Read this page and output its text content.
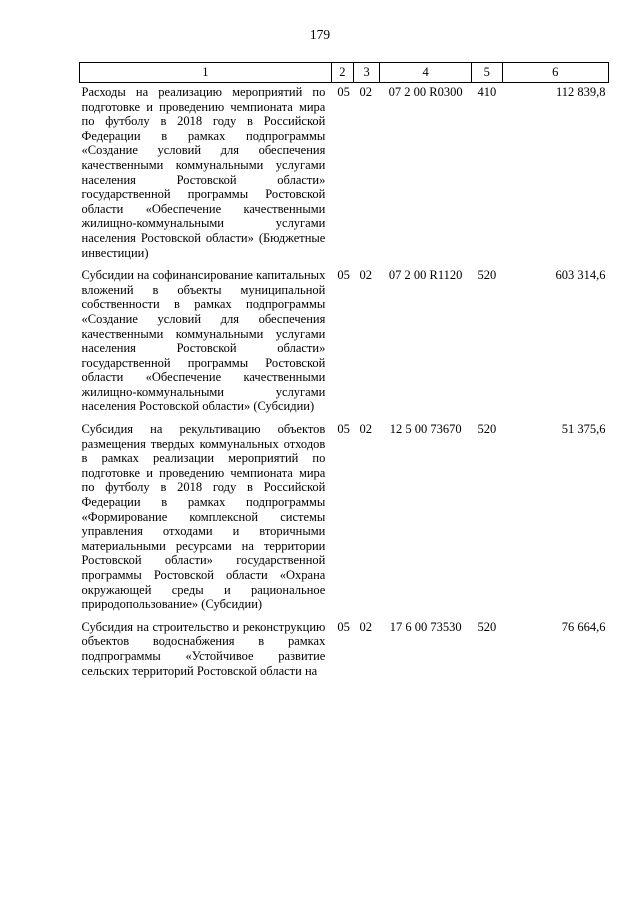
179
1	2	3	4	5	6
Расходы на реализацию мероприятий по подготовке и проведению чемпионата мира по футболу в 2018 году в Российской Федерации в рамках подпрограммы «Создание условий для обеспечения качественными коммунальными услугами населения Ростовской области» государственной программы Ростовской области «Обеспечение качественными жилищно-коммунальными услугами населения Ростовской области» (Бюджетные инвестиции)	05	02	07 2 00 R0300	410	112 839,8
Субсидии на софинансирование капитальных вложений в объекты муниципальной собственности в рамках подпрограммы «Создание условий для обеспечения качественными коммунальными услугами населения Ростовской области» государственной программы Ростовской области «Обеспечение качественными жилищно-коммунальными услугами населения Ростовской области» (Субсидии)	05	02	07 2 00 R1120	520	603 314,6
Субсидия на рекультивацию объектов размещения твердых коммунальных отходов в рамках реализации мероприятий по подготовке и проведению чемпионата мира по футболу в 2018 году в Российской Федерации в рамках подпрограммы «Формирование комплексной системы управления отходами и вторичными материальными ресурсами на территории Ростовской области» государственной программы Ростовской области «Охрана окружающей среды и рациональное природопользование» (Субсидии)	05	02	12 5 00 73670	520	51 375,6
Субсидия на строительство и реконструкцию объектов водоснабжения в рамках подпрограммы «Устойчивое развитие сельских территорий Ростовской области на	05	02	17 6 00 73530	520	76 664,6
